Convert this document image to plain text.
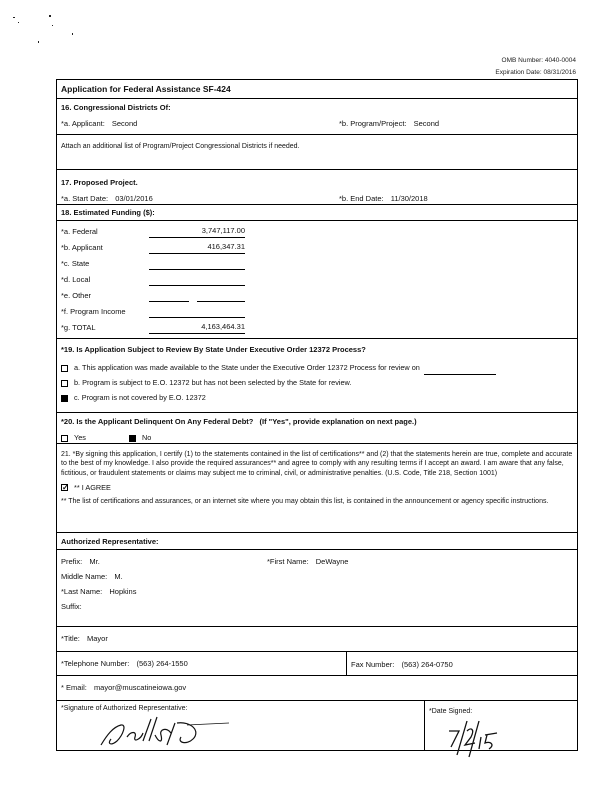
OMB Number: 4040-0004
Expiration Date: 08/31/2016
Application for Federal Assistance SF-424
16. Congressional Districts Of:
*a. Applicant: Second	*b. Program/Project: Second
Attach an additional list of Program/Project Congressional Districts if needed.
17. Proposed Project.
*a. Start Date: 03/01/2016	*b. End Date: 11/30/2018
18. Estimated Funding ($):
*a. Federal	3,747,117.00
*b. Applicant	416,347.31
*c. State
*d. Local
*e. Other
*f. Program Income
*g. TOTAL	4,163,464.31
*19. Is Application Subject to Review By State Under Executive Order 12372 Process?
a. This application was made available to the State under the Executive Order 12372 Process for review on
b. Program is subject to E.O. 12372 but has not been selected by the State for review.
c. Program is not covered by E.O. 12372
*20. Is the Applicant Delinquent On Any Federal Debt? (If "Yes", provide explanation on next page.)
Yes	No
21. *By signing this application, I certify (1) to the statements contained in the list of certifications** and (2) that the statements herein are true, complete and accurate to the best of my knowledge. I also provide the required assurances** and agree to comply with any resulting terms if I accept an award. I am aware that any false, fictitious, or fraudulent statements or claims may subject me to criminal, civil, or administrative penalties. (U.S. Code, Title 218, Section 1001)
✓ ** I AGREE
** The list of certifications and assurances, or an internet site where you may obtain this list, is contained in the announcement or agency specific instructions.
Authorized Representative:
Prefix: Mr.	*First Name: DeWayne
Middle Name: M.
*Last Name: Hopkins
Suffix:
*Title: Mayor
*Telephone Number: (563) 264-1550	Fax Number: (563) 264-0750
* Email: mayor@muscatineiowa.gov
*Signature of Authorized Representative:	*Date Signed:
